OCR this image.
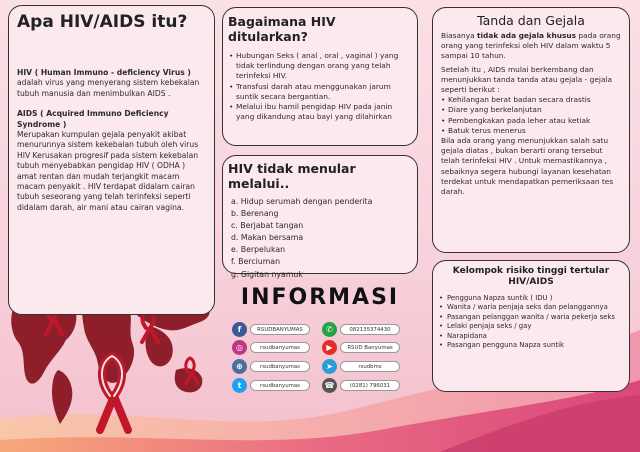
Apa HIV/AIDS itu?

HIV ( Human Immuno - deficiency Virus )

adalah virus yang menyerang sistem kebekalan tubuh manusia dan menimbulkan AIDS .

AIDS ( Acquired Immuno Deficiency Syndrome )

Merupakan kumpulan gejala penyakit akibat menurunnya sistem kekebalan tubuh oleh virus HIV Kerusakan progresif pada sistem kekebalan tubuh menyebabkan pengidap HIV ( ODHA ) amat rentan dan mudah terjangkit macam macam penyakit . HIV terdapat didalam cairan tubuh seseorang yang telah terinfeksi seperti didalam darah, air mani atau cairan vagina.

Bagaimana HIV ditularkan?
• Hubungan Seks ( anal , oral , vaginal ) yang tidak terlindung dengan orang yang telah terinfeksi HIV.
• Transfusi darah atau menggunakan jarum suntik secara bergantian.
• Melalui ibu hamil pengidap HIV pada janin yang dikandung atau bayi yang dilahirkan
HIV tidak menular melalui..
a. Hidup serumah dengan penderita
b. Berenang
c. Berjabat tangan
d. Makan bersama
e. Berpelukan
f. Berciuman
g. Gigitan nyamuk
Tanda dan Gejala
Biasanya tidak ada gejala khusus pada orang orang yang terinfeksi oleh HIV dalam waktu 5 sampai 10 tahun.
Setelah itu , AIDS mulai berkembang dan menunjukkan tanda tanda atau gejala - gejala seperti berikut :
• Kehilangan berat badan secara drastis
• Diare yang berkelanjutan
• Pembengkakan pada leher atau ketiak
• Batuk terus menerus
Bila ada orang yang menunjukkan salah satu gejala diatas , bukan berarti orang tersebut telah terinfeksi HIV . Untuk memastikannya , sebaiknya segera hubungi layanan kesehatan terdekat untuk mendapatkan pemeriksaan tes darah.
Kelompok risiko tinggi tertular HIV/AIDS
• Pengguna Napza suntik ( IDU )
• Wanita / waria penjaja seks dan pelanggannya
• Pasangan pelanggan wanita / waria pekerja seks
• Lelaki penjaja seks / gay
• Narapidana
• Pasangan pengguna Napza suntik
INFORMASI
f	RSUDBANYUMAS	✆	082135374430
◎	rsudbanyumas	▶	RSUD Banyumas
⊕	rsudbanyumas	➤	rsudbms
t	rsudbanyumas	☎	(0281) 796031
